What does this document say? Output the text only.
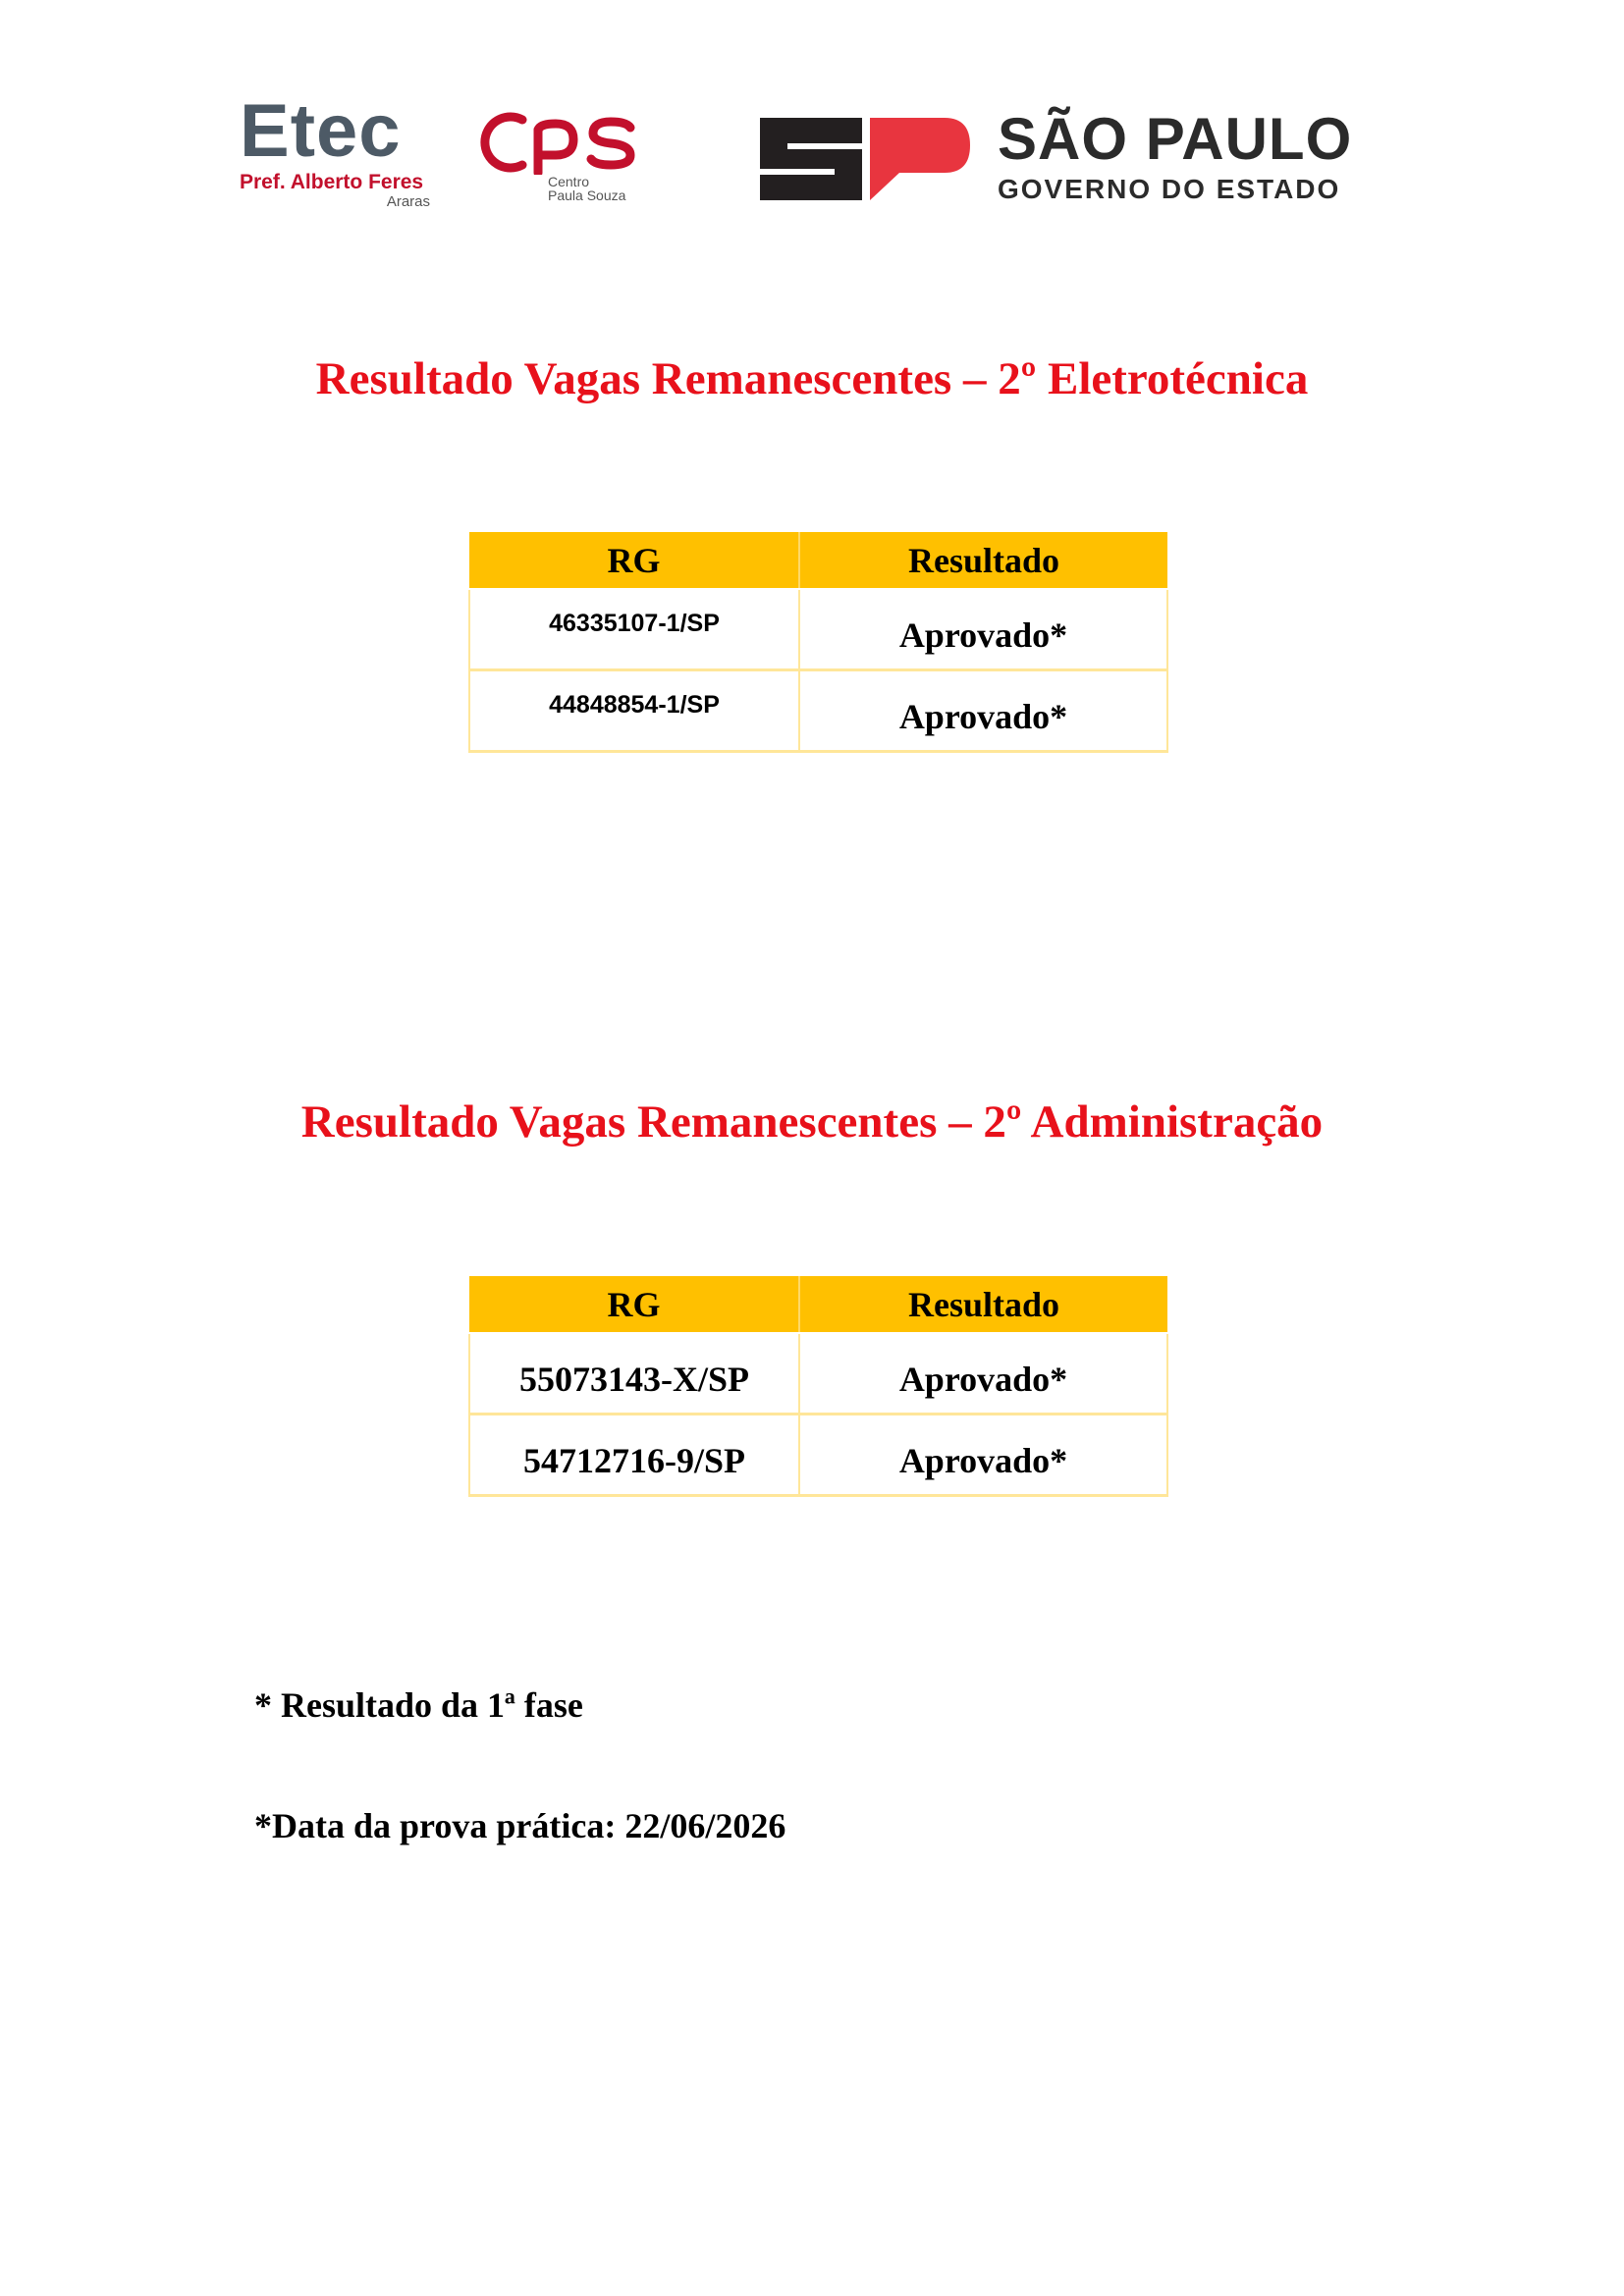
Etec
Pref. Alberto Feres
Araras
Centro
Paula Souza
SÃO PAULO
GOVERNO DO ESTADO
Resultado Vagas Remanescentes – 2º Eletrotécnica
RG	Resultado
46335107-1/SP	Aprovado*
44848854-1/SP	Aprovado*
Resultado Vagas Remanescentes – 2º Administração
RG	Resultado
55073143-X/SP	Aprovado*
54712716-9/SP	Aprovado*

* Resultado da 1ª fase

*Data da prova prática: 22/06/2026
